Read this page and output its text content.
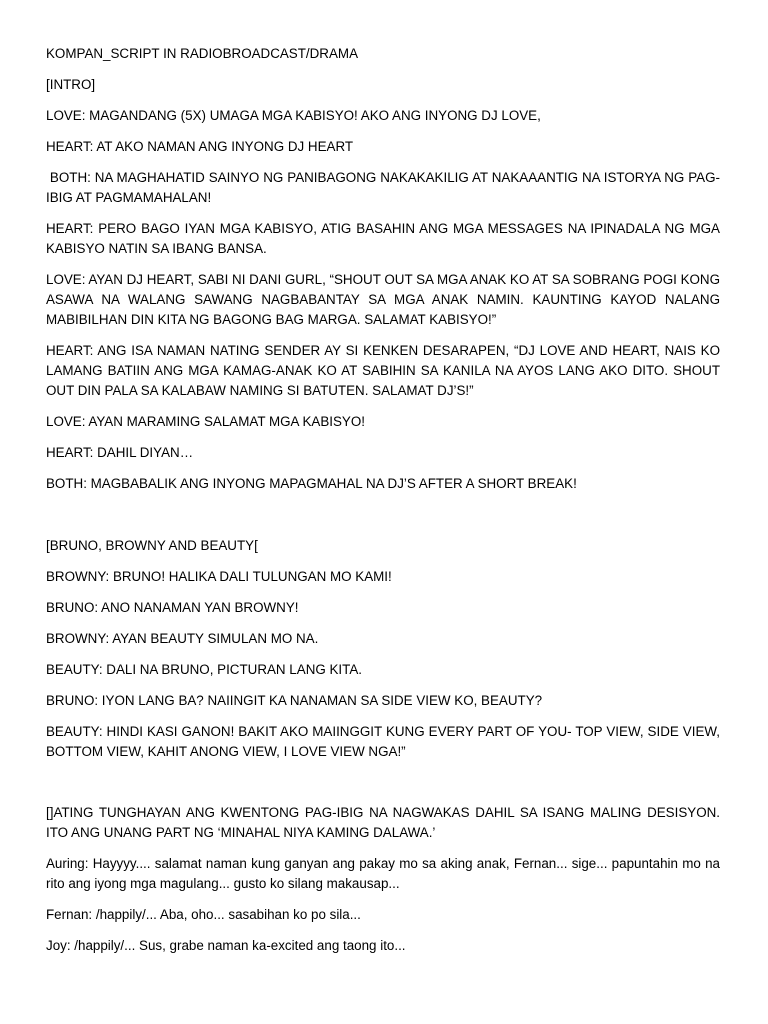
KOMPAN_SCRIPT IN RADIOBROADCAST/DRAMA

[INTRO]

LOVE: MAGANDANG (5X) UMAGA MGA KABISYO! AKO ANG INYONG DJ LOVE,

HEART: AT AKO NAMAN ANG INYONG DJ HEART

BOTH: NA MAGHAHATID SAINYO NG PANIBAGONG NAKAKAKILIG AT NAKAAANTIG NA ISTORYA NG PAG-IBIG AT PAGMAMAHALAN!

HEART: PERO BAGO IYAN MGA KABISYO, ATIG BASAHIN ANG MGA MESSAGES NA IPINADALA NG MGA KABISYO NATIN SA IBANG BANSA.

LOVE: AYAN DJ HEART, SABI NI DANI GURL, “SHOUT OUT SA MGA ANAK KO AT SA SOBRANG POGI KONG ASAWA NA WALANG SAWANG NAGBABANTAY SA MGA ANAK NAMIN. KAUNTING KAYOD NALANG MABIBILHAN DIN KITA NG BAGONG BAG MARGA. SALAMAT KABISYO!”

HEART: ANG ISA NAMAN NATING SENDER AY SI KENKEN DESARAPEN, “DJ LOVE AND HEART, NAIS KO LAMANG BATIIN ANG MGA KAMAG-ANAK KO AT SABIHIN SA KANILA NA AYOS LANG AKO DITO. SHOUT OUT DIN PALA SA KALABAW NAMING SI BATUTEN. SALAMAT DJ’S!”

LOVE: AYAN MARAMING SALAMAT MGA KABISYO!

HEART: DAHIL DIYAN…

BOTH: MAGBABALIK ANG INYONG MAPAGMAHAL NA DJ’S AFTER A SHORT BREAK!

[BRUNO, BROWNY AND BEAUTY[

BROWNY: BRUNO! HALIKA DALI TULUNGAN MO KAMI!

BRUNO: ANO NANAMAN YAN BROWNY!

BROWNY: AYAN BEAUTY SIMULAN MO NA.

BEAUTY: DALI NA BRUNO, PICTURAN LANG KITA.

BRUNO: IYON LANG BA? NAIINGIT KA NANAMAN SA SIDE VIEW KO, BEAUTY?

BEAUTY: HINDI KASI GANON! BAKIT AKO MAIINGGIT KUNG EVERY PART OF YOU- TOP VIEW, SIDE VIEW, BOTTOM VIEW, KAHIT ANONG VIEW, I LOVE VIEW NGA!”

[]ATING TUNGHAYAN ANG KWENTONG PAG-IBIG NA NAGWAKAS DAHIL SA ISANG MALING DESISYON. ITO ANG UNANG PART NG ‘MINAHAL NIYA KAMING DALAWA.’

Auring: Hayyyy.... salamat naman kung ganyan ang pakay mo sa aking anak, Fernan... sige... papuntahin mo na rito ang iyong mga magulang... gusto ko silang makausap...

Fernan: /happily/... Aba, oho... sasabihan ko po sila...

Joy: /happily/... Sus, grabe naman ka-excited ang taong ito...
